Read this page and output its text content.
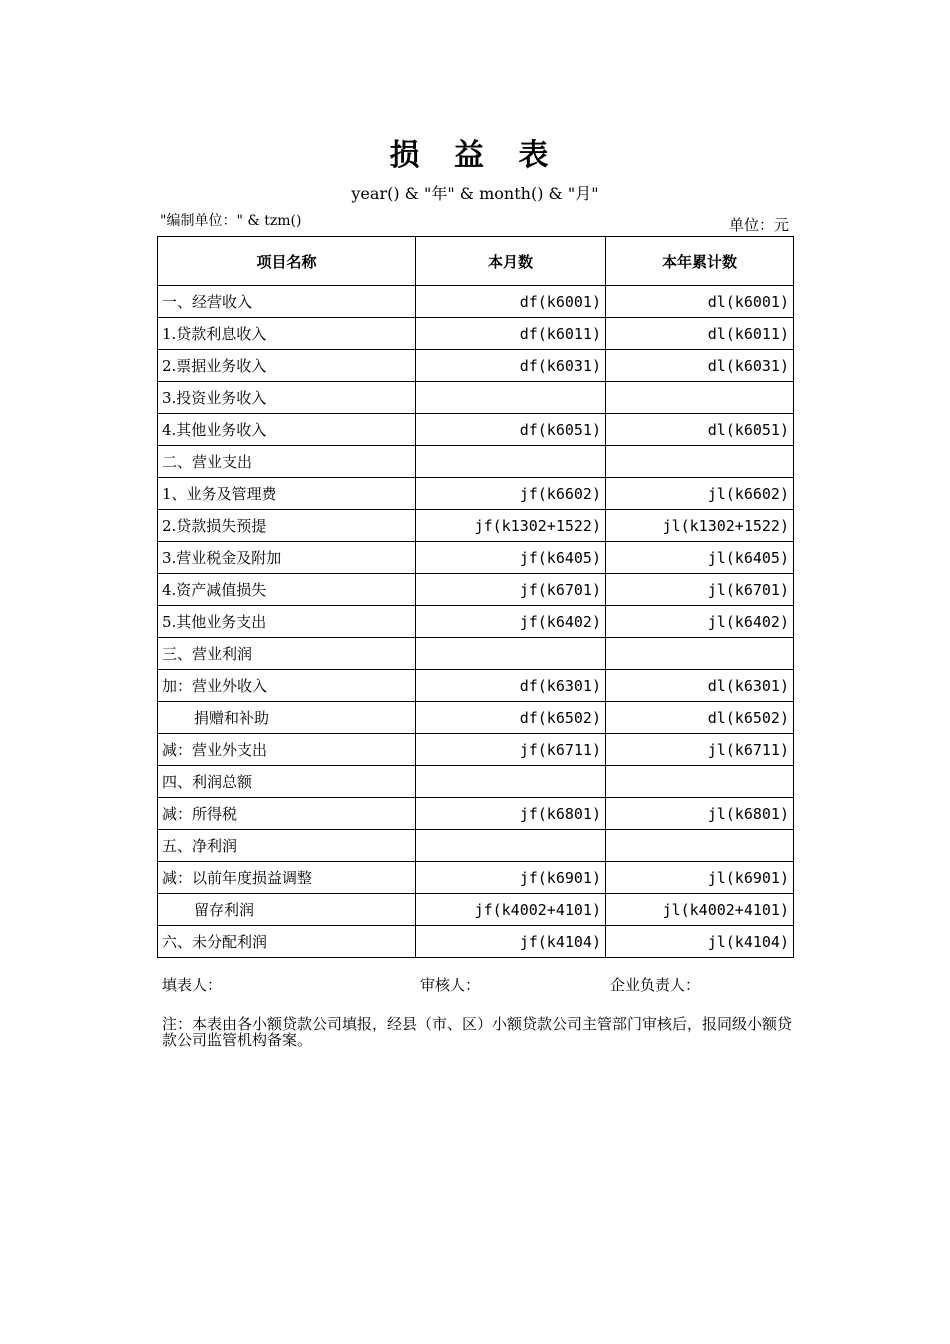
损 益 表
year() & "年" & month() & "月"
"编制单位：" & tzm()	单位：元
项目名称	本月数	本年累计数
一、经营收入	df(k6001)	dl(k6001)
1.贷款利息收入	df(k6011)	dl(k6011)
2.票据业务收入	df(k6031)	dl(k6031)
3.投资业务收入		
4.其他业务收入	df(k6051)	dl(k6051)
二、营业支出		
1、业务及管理费	jf(k6602)	jl(k6602)
2.贷款损失预提	jf(k1302+1522)	jl(k1302+1522)
3.营业税金及附加	jf(k6405)	jl(k6405)
4.资产减值损失	jf(k6701)	jl(k6701)
5.其他业务支出	jf(k6402)	jl(k6402)
三、营业利润		
加：营业外收入	df(k6301)	dl(k6301)
捐赠和补助	df(k6502)	dl(k6502)
减：营业外支出	jf(k6711)	jl(k6711)
四、利润总额		
减：所得税	jf(k6801)	jl(k6801)
五、净利润		
减：以前年度损益调整	jf(k6901)	jl(k6901)
留存利润	jf(k4002+4101)	jl(k4002+4101)
六、未分配利润	jf(k4104)	jl(k4104)
填表人：	审核人：	企业负责人：
注：本表由各小额贷款公司填报，经县（市、区）小额贷款公司主管部门审核后，报同级小额贷款公司监管机构备案。
